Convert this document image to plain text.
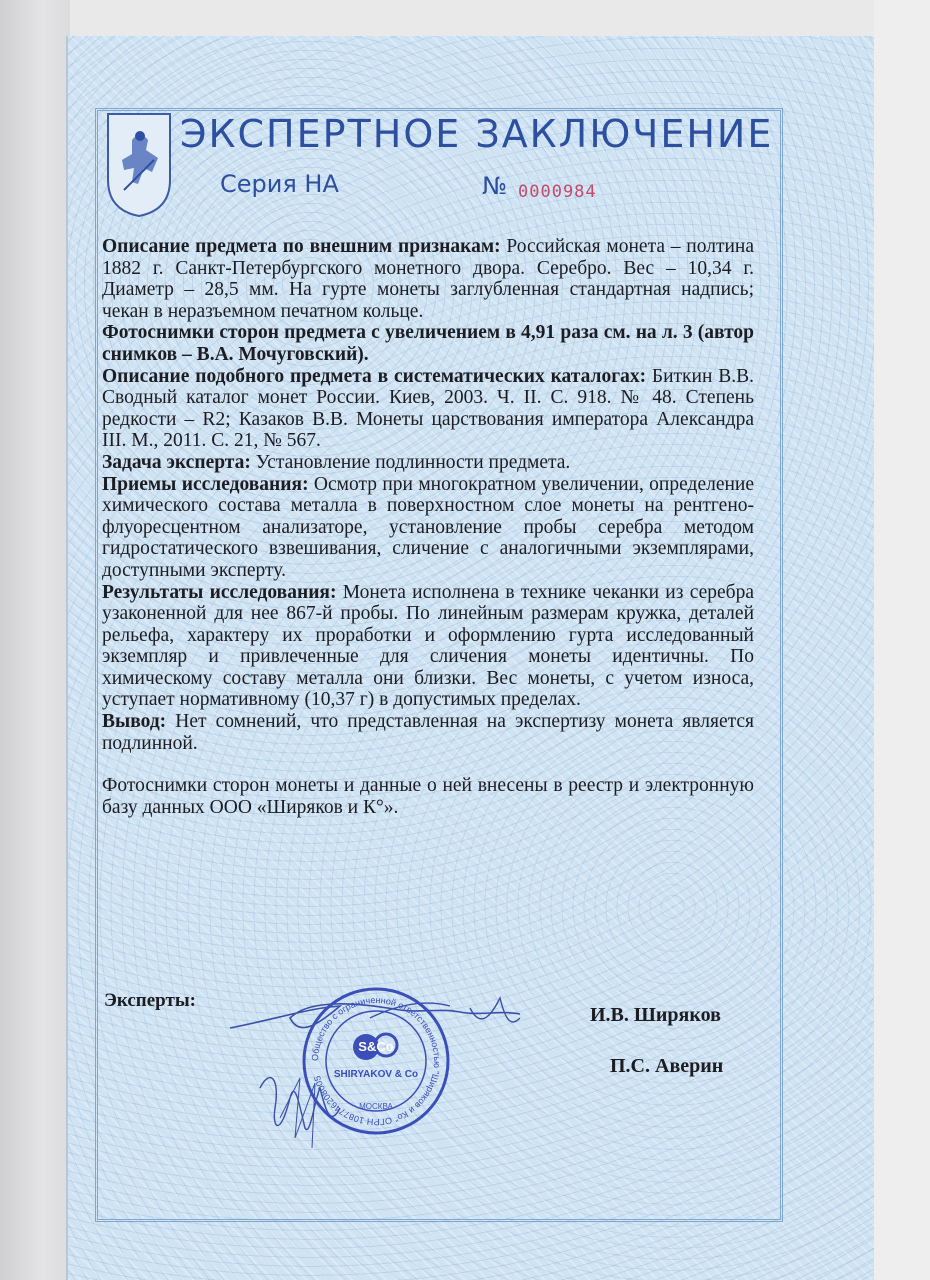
ЭКСПЕРТНОЕ ЗАКЛЮЧЕНИЕ
Серия НА	№ 0000984

Описание предмета по внешним признакам: Российская монета – полтина 1882 г. Санкт-Петербургского монетного двора. Серебро. Вес – 10,34 г. Диаметр – 28,5 мм. На гурте монеты заглубленная стандартная надпись; чекан в неразъемном печатном кольце.

Фотоснимки сторон предмета с увеличением в 4,91 раза см. на л. 3 (автор снимков – В.А. Мочуговский).

Описание подобного предмета в систематических каталогах: Биткин В.В. Сводный каталог монет России. Киев, 2003. Ч. II. С. 918. № 48. Степень редкости – R2; Казаков В.В. Монеты царствования императора Александра III. М., 2011. С. 21, № 567.

Задача эксперта: Установление подлинности предмета.

Приемы исследования: Осмотр при многократном увеличении, определение химического состава металла в поверхностном слое монеты на рентгено-флуоресцентном анализаторе, установление пробы серебра методом гидростатического взвешивания, сличение с аналогичными экземплярами, доступными эксперту.

Результаты исследования: Монета исполнена в технике чеканки из серебра узаконенной для нее 867-й пробы. По линейным размерам кружка, деталей рельефа, характеру их проработки и оформлению гурта исследованный экземпляр и привлеченные для сличения монеты идентичны. По химическому составу металла они близки. Вес монеты, с учетом износа, уступает нормативному (10,37 г) в допустимых пределах.

Вывод: Нет сомнений, что представленная на экспертизу монета является подлинной.

Фотоснимки сторон монеты и данные о ней внесены в реестр и электронную базу данных ООО «Ширяков и К°».

Эксперты:
И.В. Ширяков
П.С. Аверин
Общество с ограниченной ответственностью "Ширяков и Ко" ОГРН 1087746208005
S&Co
SHIRYAKOV & Co
МОСКВА
